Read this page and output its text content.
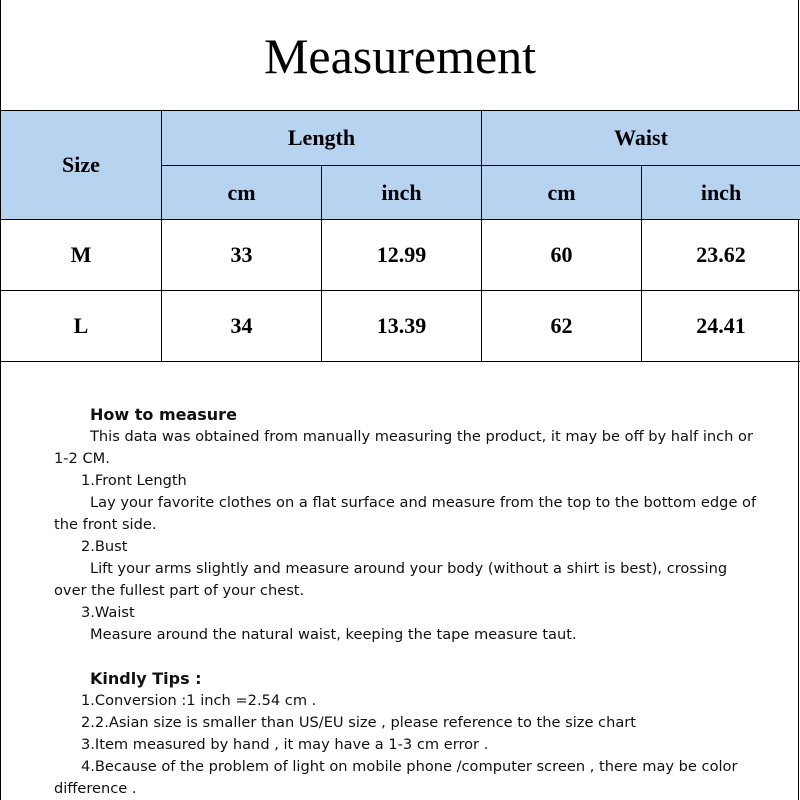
Measurement
Size	Length		Waist	
	cm	inch	cm	inch
M	33	12.99	60	23.62
L	34	13.39	62	24.41
How to measure
This data was obtained from manually measuring the product, it may be off by half inch or 1-2 CM.
1.Front Length
Lay your favorite clothes on a flat surface and measure from the top to the bottom edge of the front side.
2.Bust
Lift your arms slightly and measure around your body (without a shirt is best), crossing over the fullest part of your chest.
3.Waist
Measure around the natural waist, keeping the tape measure taut.
Kindly Tips :
1.Conversion :1 inch =2.54 cm .
2.2.Asian size is smaller than US/EU size , please reference to the size chart
3.Item measured by hand , it may have a 1-3 cm error .
4.Because of the problem of light on mobile phone /computer screen , there may be color difference .
